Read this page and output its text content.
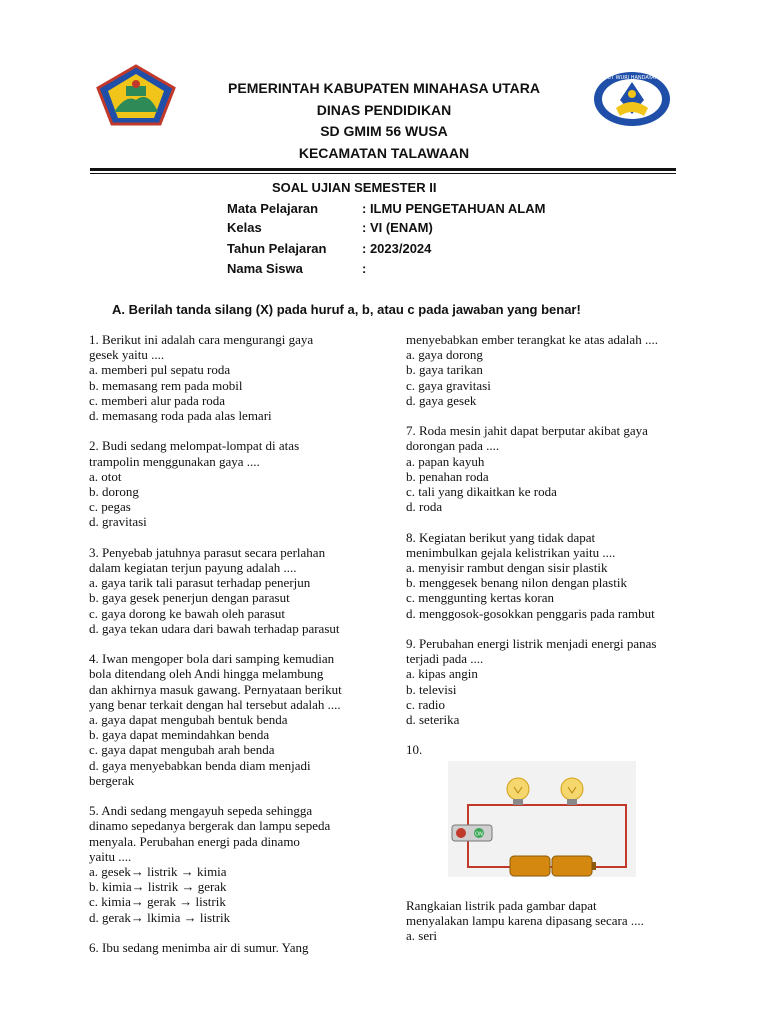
TUT WURI HANDAYANI
PEMERINTAH KABUPATEN MINAHASA UTARA
DINAS PENDIDIKAN
SD GMIM 56 WUSA
KECAMATAN TALAWAAN
SOAL UJIAN SEMESTER II
Mata Pelajaran	: ILMU PENGETAHUAN ALAM
Kelas	: VI (ENAM)
Tahun Pelajaran	: 2023/2024
Nama Siswa	:
A. Berilah tanda silang (X) pada huruf a, b, atau c pada jawaban yang benar!
1. Berikut ini adalah cara mengurangi gaya
gesek yaitu ....
a. memberi pul sepatu roda
b. memasang rem pada mobil
c. memberi alur pada roda
d. memasang roda pada alas lemari
2. Budi sedang melompat-lompat di atas
trampolin menggunakan gaya ....
a. otot
b. dorong
c. pegas
d. gravitasi
3. Penyebab jatuhnya parasut secara perlahan
dalam kegiatan terjun payung adalah ....
a. gaya tarik tali parasut terhadap penerjun
b. gaya gesek penerjun dengan parasut
c. gaya dorong ke bawah oleh parasut
d. gaya tekan udara dari bawah terhadap parasut
4. Iwan mengoper bola dari samping kemudian
bola ditendang oleh Andi hingga melambung
dan akhirnya masuk gawang. Pernyataan berikut
yang benar terkait dengan hal tersebut adalah ....
a. gaya dapat mengubah bentuk benda
b. gaya dapat memindahkan benda
c. gaya dapat mengubah arah benda
d. gaya menyebabkan benda diam menjadi
bergerak
5. Andi sedang mengayuh sepeda sehingga
dinamo sepedanya bergerak dan lampu sepeda
menyala. Perubahan energi pada dinamo
yaitu ....
a. gesek→ listrik → kimia
b. kimia→ listrik → gerak
c. kimia→ gerak → listrik
d. gerak→ lkimia → listrik
6. Ibu sedang menimba air di sumur. Yang
menyebabkan ember terangkat ke atas adalah ....
a. gaya dorong
b. gaya tarikan
c. gaya gravitasi
d. gaya gesek
7. Roda mesin jahit dapat berputar akibat gaya
dorongan pada ....
a. papan kayuh
b. penahan roda
c. tali yang dikaitkan ke roda
d. roda
8. Kegiatan berikut yang tidak dapat
menimbulkan gejala kelistrikan yaitu ....
a. menyisir rambut dengan sisir plastik
b. menggesek benang nilon dengan plastik
c. menggunting kertas koran
d. menggosok-gosokkan penggaris pada rambut
9. Perubahan energi listrik menjadi energi panas
terjadi pada ....
a. kipas angin
b. televisi
c. radio
d. seterika
10.
ON
Rangkaian listrik pada gambar dapat
menyalakan lampu karena dipasang secara ....
a. seri
